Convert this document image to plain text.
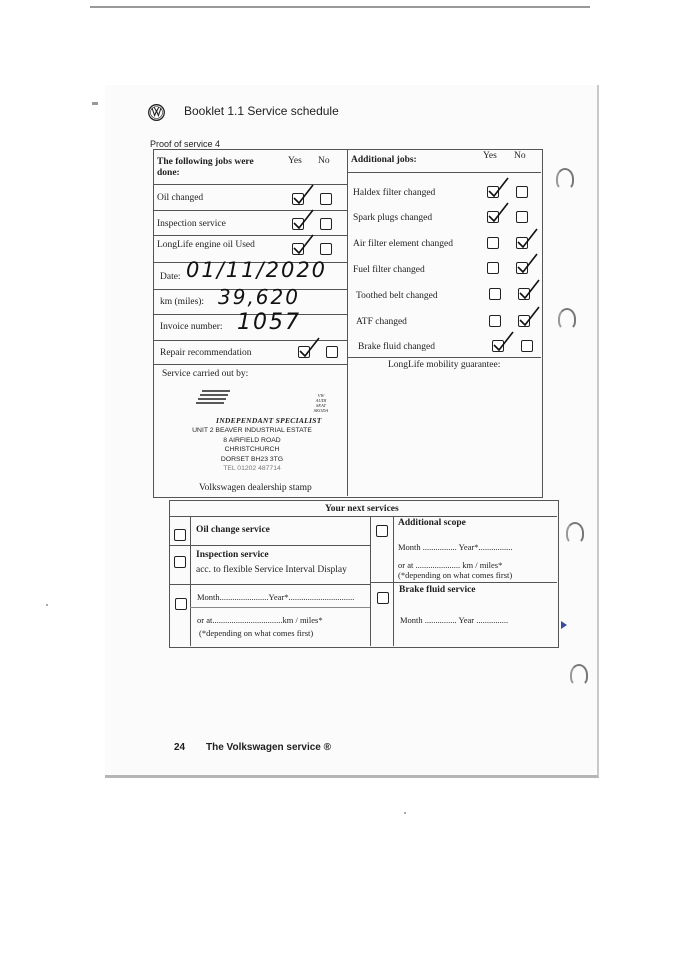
Booklet 1.1 Service schedule
Proof of service 4
The following jobs were done:
Yes No
Oil changed
Inspection service
LongLife engine oil Used
Date: 01/11/2020
km (miles): 39,620
Invoice number: 1057
Repair recommendation
Service carried out by:
VW
AUDI
SEAT
SKODA
INDEPENDANT SPECIALIST
UNIT 2 BEAVER INDUSTRIAL ESTATE
8 AIRFIELD ROAD
CHRISTCHURCH
DORSET BH23 3TG
TEL 01202 487714
Volkswagen dealership stamp
Additional jobs:	Yes No
Haldex filter changed
Spark plugs changed
Air filter element changed
Fuel filter changed
Toothed belt changed
ATF changed
Brake fluid changed
LongLife mobility guarantee:
Your next services
Oil change service
Inspection service
acc. to flexible Service Interval Display
Month.......................Year*...............................
or at.................................km / miles*
(*depending on what comes first)
Additional scope
Month ................ Year*................
or at ..................... km / miles*
(*depending on what comes first)
Brake fluid service
Month ............... Year ...............
24 The Volkswagen service ®
